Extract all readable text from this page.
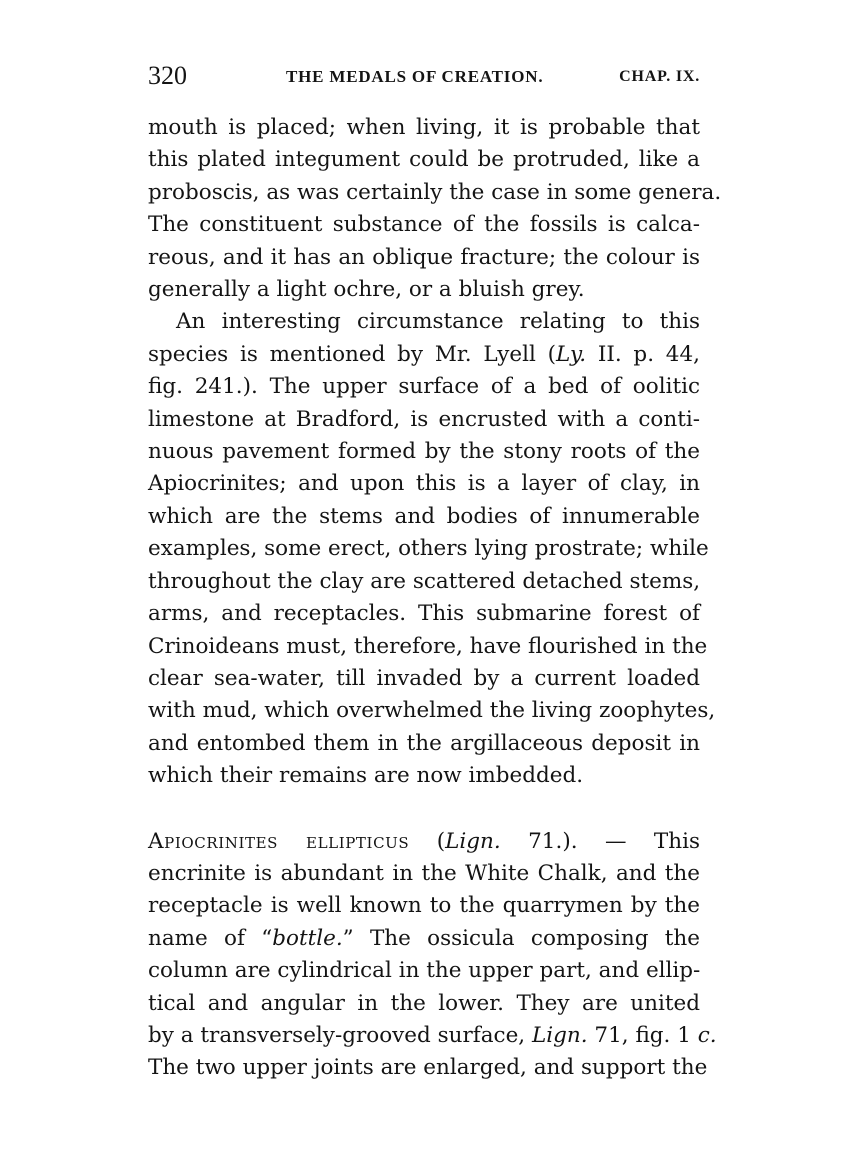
320	THE MEDALS OF CREATION.	CHAP. IX.
mouth is placed; when living, it is probable that
this plated integument could be protruded, like a
proboscis, as was certainly the case in some genera.
The constituent substance of the fossils is calca-
reous, and it has an oblique fracture; the colour is
generally a light ochre, or a bluish grey.
An interesting circumstance relating to this
species is mentioned by Mr. Lyell (Ly. II. p. 44,
fig. 241.). The upper surface of a bed of oolitic
limestone at Bradford, is encrusted with a conti-
nuous pavement formed by the stony roots of the
Apiocrinites; and upon this is a layer of clay, in
which are the stems and bodies of innumerable
examples, some erect, others lying prostrate; while
throughout the clay are scattered detached stems,
arms, and receptacles. This submarine forest of
Crinoideans must, therefore, have flourished in the
clear sea-water, till invaded by a current loaded
with mud, which overwhelmed the living zoophytes,
and entombed them in the argillaceous deposit in
which their remains are now imbedded.
Apiocrinites ellipticus (Lign. 71.). — This
encrinite is abundant in the White Chalk, and the
receptacle is well known to the quarrymen by the
name of “bottle.” The ossicula composing the
column are cylindrical in the upper part, and ellip-
tical and angular in the lower. They are united
by a transversely-grooved surface, Lign. 71, fig. 1 c.
The two upper joints are enlarged, and support the
